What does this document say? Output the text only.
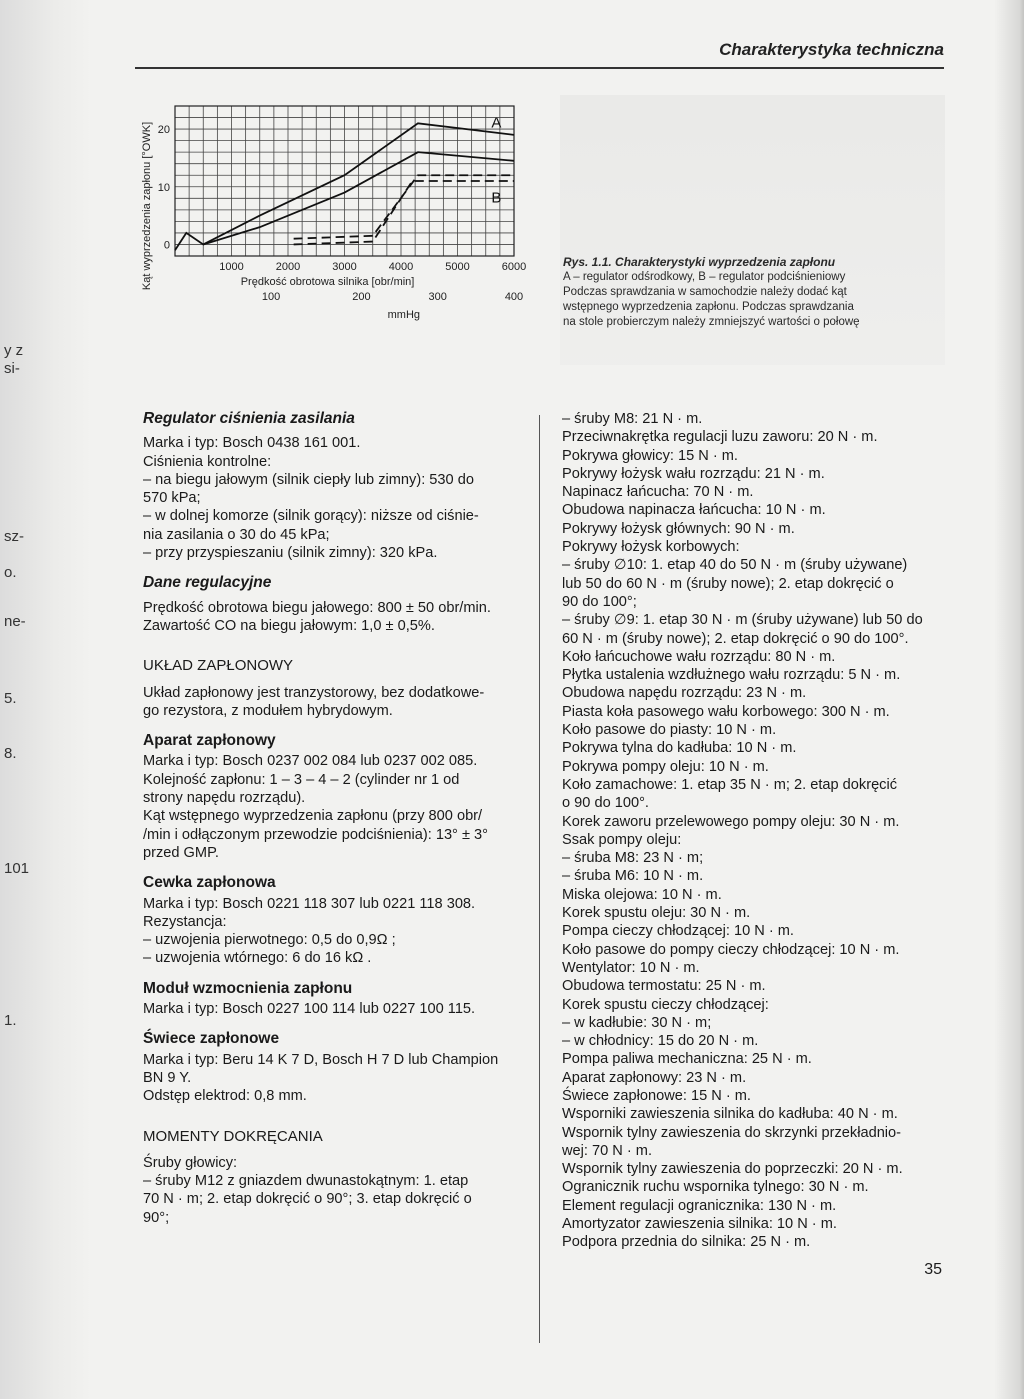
y z
si-
sz-
o.
ne-
5.
8.
101
1.
Charakterystyka techniczna
A
B
20
10
0
1000	2000	3000	4000	5000	6000
100	200	300	400
Prędkość obrotowa silnika [obr/min]
mmHg
Kąt wyprzedzenia zapłonu [°OWK]	Rys. 1.1. Charakterystyki wyprzedzenia zapłonu
A – regulator odśrodkowy, B – regulator podciśnieniowy
Podczas sprawdzania w samochodzie należy dodać kąt
wstępnego wyprzedzenia zapłonu. Podczas sprawdzania
na stole probierczym należy zmniejszyć wartości o połowę
Regulator ciśnienia zasilania
Marka i typ: Bosch 0438 161 001.
Ciśnienia kontrolne:
– na biegu jałowym (silnik ciepły lub zimny): 530 do
570 kPa;
– w dolnej komorze (silnik gorący): niższe od ciśnie-
nia zasilania o 30 do 45 kPa;
– przy przyspieszaniu (silnik zimny): 320 kPa.
Dane regulacyjne
Prędkość obrotowa biegu jałowego: 800 ± 50 obr/min.
Zawartość CO na biegu jałowym: 1,0 ± 0,5%.
UKŁAD ZAPŁONOWY
Układ zapłonowy jest tranzystorowy, bez dodatkowe-
go rezystora, z modułem hybrydowym.
Aparat zapłonowy
Marka i typ: Bosch 0237 002 084 lub 0237 002 085.
Kolejność zapłonu: 1 – 3 – 4 – 2 (cylinder nr 1 od
strony napędu rozrządu).
Kąt wstępnego wyprzedzenia zapłonu (przy 800 obr/
/min i odłączonym przewodzie podciśnienia): 13° ± 3°
przed GMP.
Cewka zapłonowa
Marka i typ: Bosch 0221 118 307 lub 0221 118 308.
Rezystancja:
– uzwojenia pierwotnego: 0,5 do 0,9Ω ;
– uzwojenia wtórnego: 6 do 16 kΩ .
Moduł wzmocnienia zapłonu
Marka i typ: Bosch 0227 100 114 lub 0227 100 115.
Świece zapłonowe
Marka i typ: Beru 14 K 7 D, Bosch H 7 D lub Champion
BN 9 Y.
Odstęp elektrod: 0,8 mm.
MOMENTY DOKRĘCANIA
Śruby głowicy:
– śruby M12 z gniazdem dwunastokątnym: 1. etap
70 N · m; 2. etap dokręcić o 90°; 3. etap dokręcić o
90°;
– śruby M8: 21 N · m.
Przeciwnakrętka regulacji luzu zaworu: 20 N · m.
Pokrywa głowicy: 15 N · m.
Pokrywy łożysk wału rozrządu: 21 N · m.
Napinacz łańcucha: 70 N · m.
Obudowa napinacza łańcucha: 10 N · m.
Pokrywy łożysk głównych: 90 N · m.
Pokrywy łożysk korbowych:
– śruby ∅10: 1. etap 40 do 50 N · m (śruby używane)
lub 50 do 60 N · m (śruby nowe); 2. etap dokręcić o
90 do 100°;
– śruby ∅9: 1. etap 30 N · m (śruby używane) lub 50 do
60 N · m (śruby nowe); 2. etap dokręcić o 90 do 100°.
Koło łańcuchowe wału rozrządu: 80 N · m.
Płytka ustalenia wzdłużnego wału rozrządu: 5 N · m.
Obudowa napędu rozrządu: 23 N · m.
Piasta koła pasowego wału korbowego: 300 N · m.
Koło pasowe do piasty: 10 N · m.
Pokrywa tylna do kadłuba: 10 N · m.
Pokrywa pompy oleju: 10 N · m.
Koło zamachowe: 1. etap 35 N · m; 2. etap dokręcić
o 90 do 100°.
Korek zaworu przelewowego pompy oleju: 30 N · m.
Ssak pompy oleju:
– śruba M8: 23 N · m;
– śruba M6: 10 N · m.
Miska olejowa: 10 N · m.
Korek spustu oleju: 30 N · m.
Pompa cieczy chłodzącej: 10 N · m.
Koło pasowe do pompy cieczy chłodzącej: 10 N · m.
Wentylator: 10 N · m.
Obudowa termostatu: 25 N · m.
Korek spustu cieczy chłodzącej:
– w kadłubie: 30 N · m;
– w chłodnicy: 15 do 20 N · m.
Pompa paliwa mechaniczna: 25 N · m.
Aparat zapłonowy: 23 N · m.
Świece zapłonowe: 15 N · m.
Wsporniki zawieszenia silnika do kadłuba: 40 N · m.
Wspornik tylny zawieszenia do skrzynki przekładnio-
wej: 70 N · m.
Wspornik tylny zawieszenia do poprzeczki: 20 N · m.
Ogranicznik ruchu wspornika tylnego: 30 N · m.
Element regulacji ogranicznika: 130 N · m.
Amortyzator zawieszenia silnika: 10 N · m.
Podpora przednia do silnika: 25 N · m.
35
